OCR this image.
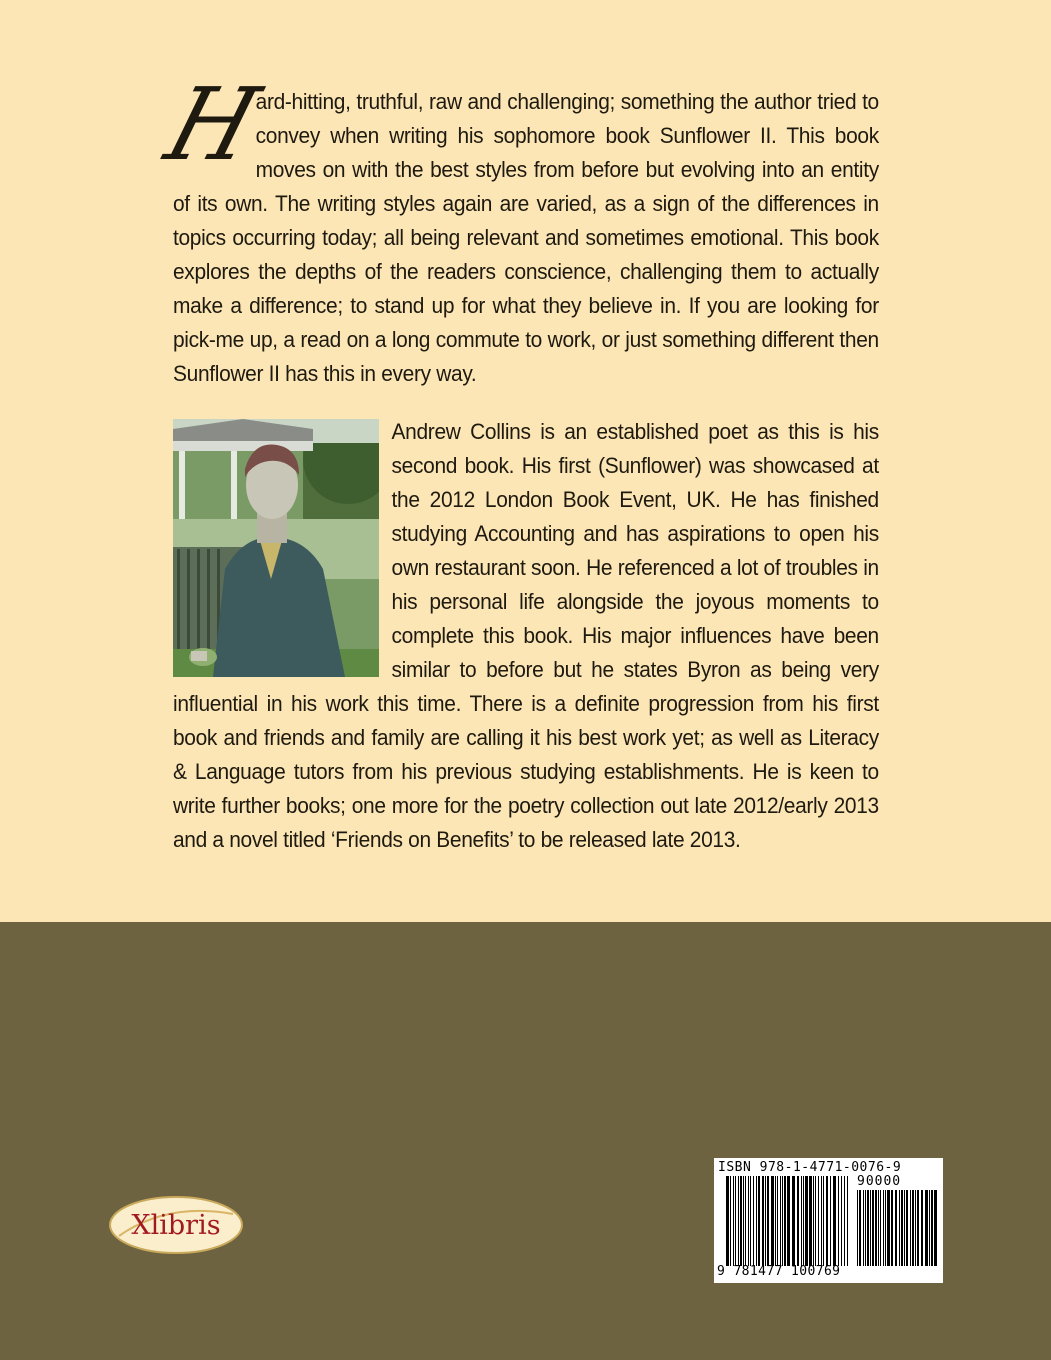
H
ard-hitting, truthful, raw and challenging; something the author tried to convey when writing his sophomore book Sunflower II. This book moves on with the best styles from before but evolving into an entity of its own. The writing styles again are varied, as a sign of the differences in topics occurring today; all being relevant and sometimes emotional. This book explores the depths of the readers conscience, challenging them to actually make a difference; to stand up for what they believe in. If you are looking for pick-me up, a read on a long commute to work, or just something different then Sunflower II has this in every way.
Andrew Collins is an established poet as this is his second book. His first (Sunflower) was showcased at the 2012 London Book Event, UK. He has finished studying Accounting and has aspirations to open his own restaurant soon. He referenced a lot of troubles in his personal life alongside the joyous moments to complete this book. His major influences have been similar to before but he states Byron as being very influential in his work this time. There is a definite progression from his first book and friends and family are calling it his best work yet; as well as Literacy & Language tutors from his previous studying establishments. He is keen to write further books; one more for the poetry collection out late 2012/early 2013 and a novel titled ‘Friends on Benefits’ to be released late 2013.
Xlibris
ISBN 978-1-4771-0076-9
90000
9 781477 100769
